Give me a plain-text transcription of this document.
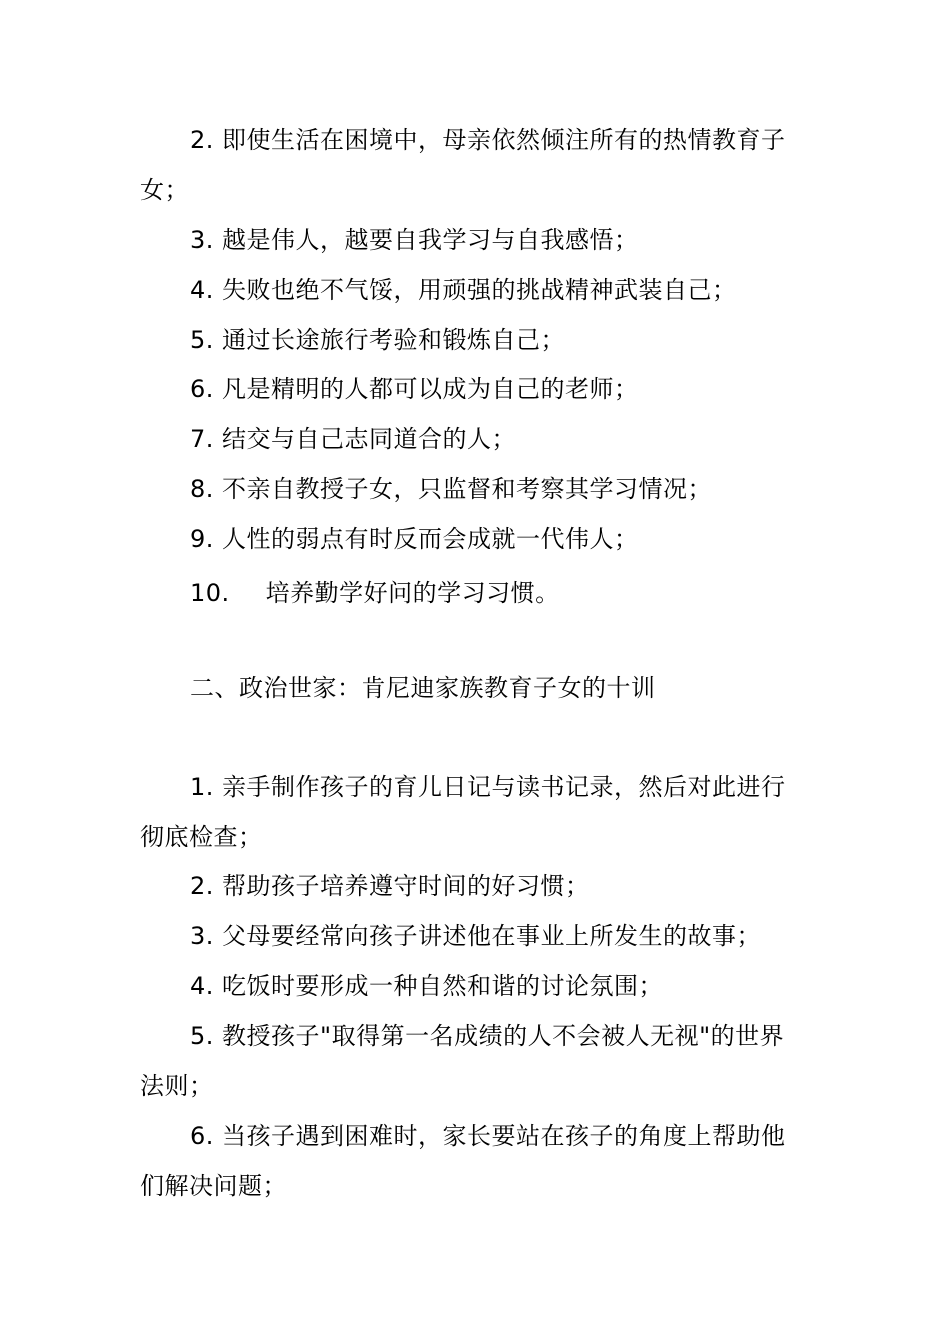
2. 即使生活在困境中，母亲依然倾注所有的热情教育子
女；
3. 越是伟人，越要自我学习与自我感悟；
4. 失败也绝不气馁，用顽强的挑战精神武装自己；
5. 通过长途旅行考验和锻炼自己；
6. 凡是精明的人都可以成为自己的老师；
7. 结交与自己志同道合的人；
8. 不亲自教授子女，只监督和考察其学习情况；
9. 人性的弱点有时反而会成就一代伟人；
10. 培养勤学好问的学习习惯。
二、政治世家：肯尼迪家族教育子女的十训
1. 亲手制作孩子的育儿日记与读书记录，然后对此进行
彻底检查；
2. 帮助孩子培养遵守时间的好习惯；
3. 父母要经常向孩子讲述他在事业上所发生的故事；
4. 吃饭时要形成一种自然和谐的讨论氛围；
5. 教授孩子"取得第一名成绩的人不会被人无视"的世界
法则；
6. 当孩子遇到困难时，家长要站在孩子的角度上帮助他
们解决问题；
